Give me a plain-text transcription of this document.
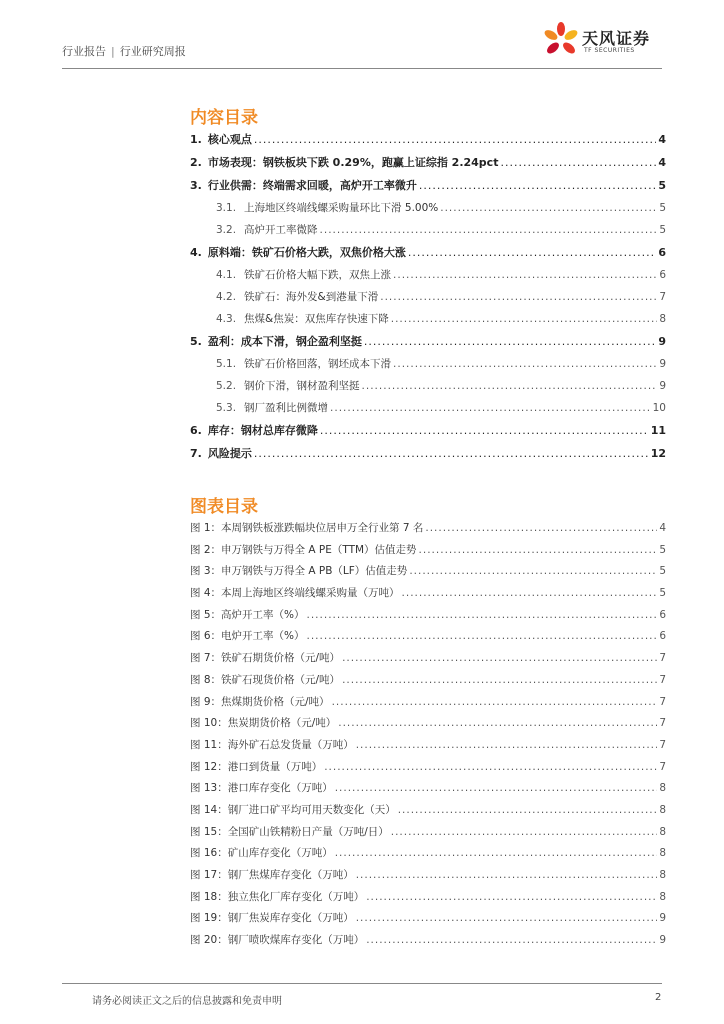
行业报告 | 行业研究周报
天风证券
TF SECURITIES
内容目录
1. 核心观点 .....	4
2. 市场表现：钢铁板块下跌 0.29%，跑赢上证综指 2.24pct .....	4
3. 行业供需：终端需求回暖，高炉开工率微升 .....	5
3.1. 上海地区终端线螺采购量环比下滑 5.00% .....	5
3.2. 高炉开工率微降 .....	5
4. 原料端：铁矿石价格大跌，双焦价格大涨 .....	6
4.1. 铁矿石价格大幅下跌，双焦上涨 .....	6
4.2. 铁矿石：海外发&到港量下滑 .....	7
4.3. 焦煤&焦炭：双焦库存快速下降 .....	8
5. 盈利：成本下滑，钢企盈利坚挺 .....	9
5.1. 铁矿石价格回落，钢坯成本下滑 .....	9
5.2. 钢价下滑，钢材盈利坚挺 .....	9
5.3. 钢厂盈利比例微增 .....	10
6. 库存：钢材总库存微降 .....	11
7. 风险提示 .....	12
图表目录
图 1：本周钢铁板涨跌幅块位居申万全行业第 7 名 .....	4
图 2：申万钢铁与万得全 A PE（TTM）估值走势 .....	5
图 3：申万钢铁与万得全 A PB（LF）估值走势 .....	5
图 4：本周上海地区终端线螺采购量（万吨） .....	5
图 5：高炉开工率（%） .....	6
图 6：电炉开工率（%） .....	6
图 7：铁矿石期货价格（元/吨） .....	7
图 8：铁矿石现货价格（元/吨） .....	7
图 9：焦煤期货价格（元/吨） .....	7
图 10：焦炭期货价格（元/吨） .....	7
图 11：海外矿石总发货量（万吨） .....	7
图 12：港口到货量（万吨） .....	7
图 13：港口库存变化（万吨） .....	8
图 14：钢厂进口矿平均可用天数变化（天） .....	8
图 15：全国矿山铁精粉日产量（万吨/日） .....	8
图 16：矿山库存变化（万吨） .....	8
图 17：钢厂焦煤库存变化（万吨） .....	8
图 18：独立焦化厂库存变化（万吨） .....	8
图 19：钢厂焦炭库存变化（万吨） .....	9
图 20：钢厂喷吹煤库存变化（万吨） .....	9
请务必阅读正文之后的信息披露和免责申明	2
